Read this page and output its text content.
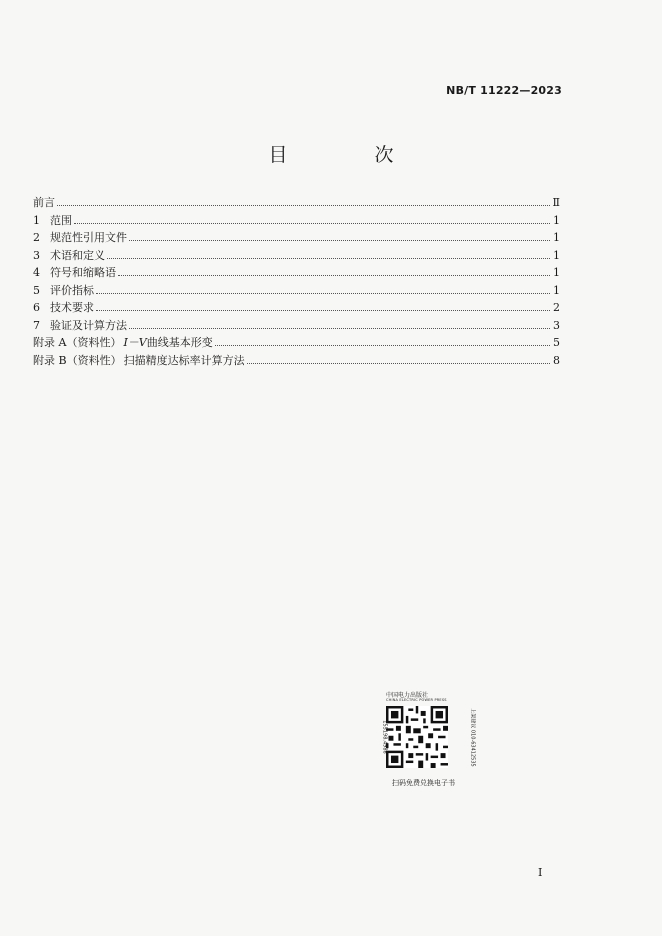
NB/T 11222—2023
目　次
前言	Ⅱ
1 范围	1
2 规范性引用文件	1
3 术语和定义	1
4 符号和缩略语	1
5 评价指标	1
6 技术要求	2
7 验证及计算方法	3
附录 A（资料性） I－V曲线基本形变	5
附录 B（资料性） 扫描精度达标率计算方法	8
中国电力出版社
CHINA ELECTRIC POWER PRESS
155198.4986	上架建议 010-63412535
扫码免费兑换电子书
I
